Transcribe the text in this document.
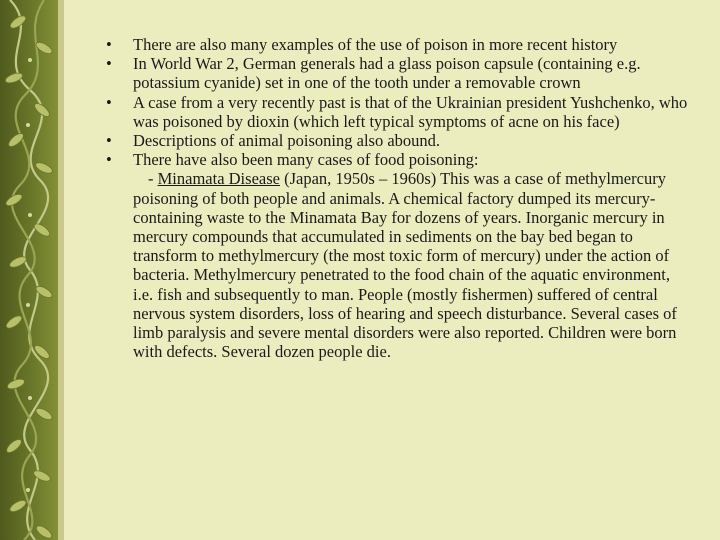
• There are also many examples of the use of poison in more recent history
• In World War 2, German generals had a glass poison capsule (containing e.g. potassium cyanide) set in one of the tooth under a removable crown
• A case from a very recently past is that of the Ukrainian president Yushchenko, who was poisoned by dioxin (which left typical symptoms of acne on his face)
• Descriptions of animal poisoning also abound.
• There have also been many cases of food poisoning:

- Minamata Disease (Japan, 1950s – 1960s) This was a case of methylmercury poisoning of both people and animals. A chemical factory dumped its mercury-containing waste to the Minamata Bay for dozens of years. Inorganic mercury in mercury compounds that accumulated in sediments on the bay bed began to transform to methylmercury (the most toxic form of mercury) under the action of bacteria. Methylmercury penetrated to the food chain of the aquatic environment, i.e. fish and subsequently to man. People (mostly fishermen) suffered of central nervous system disorders, loss of hearing and speech disturbance. Several cases of limb paralysis and severe mental disorders were also reported. Children were born with defects. Several dozen people die.
